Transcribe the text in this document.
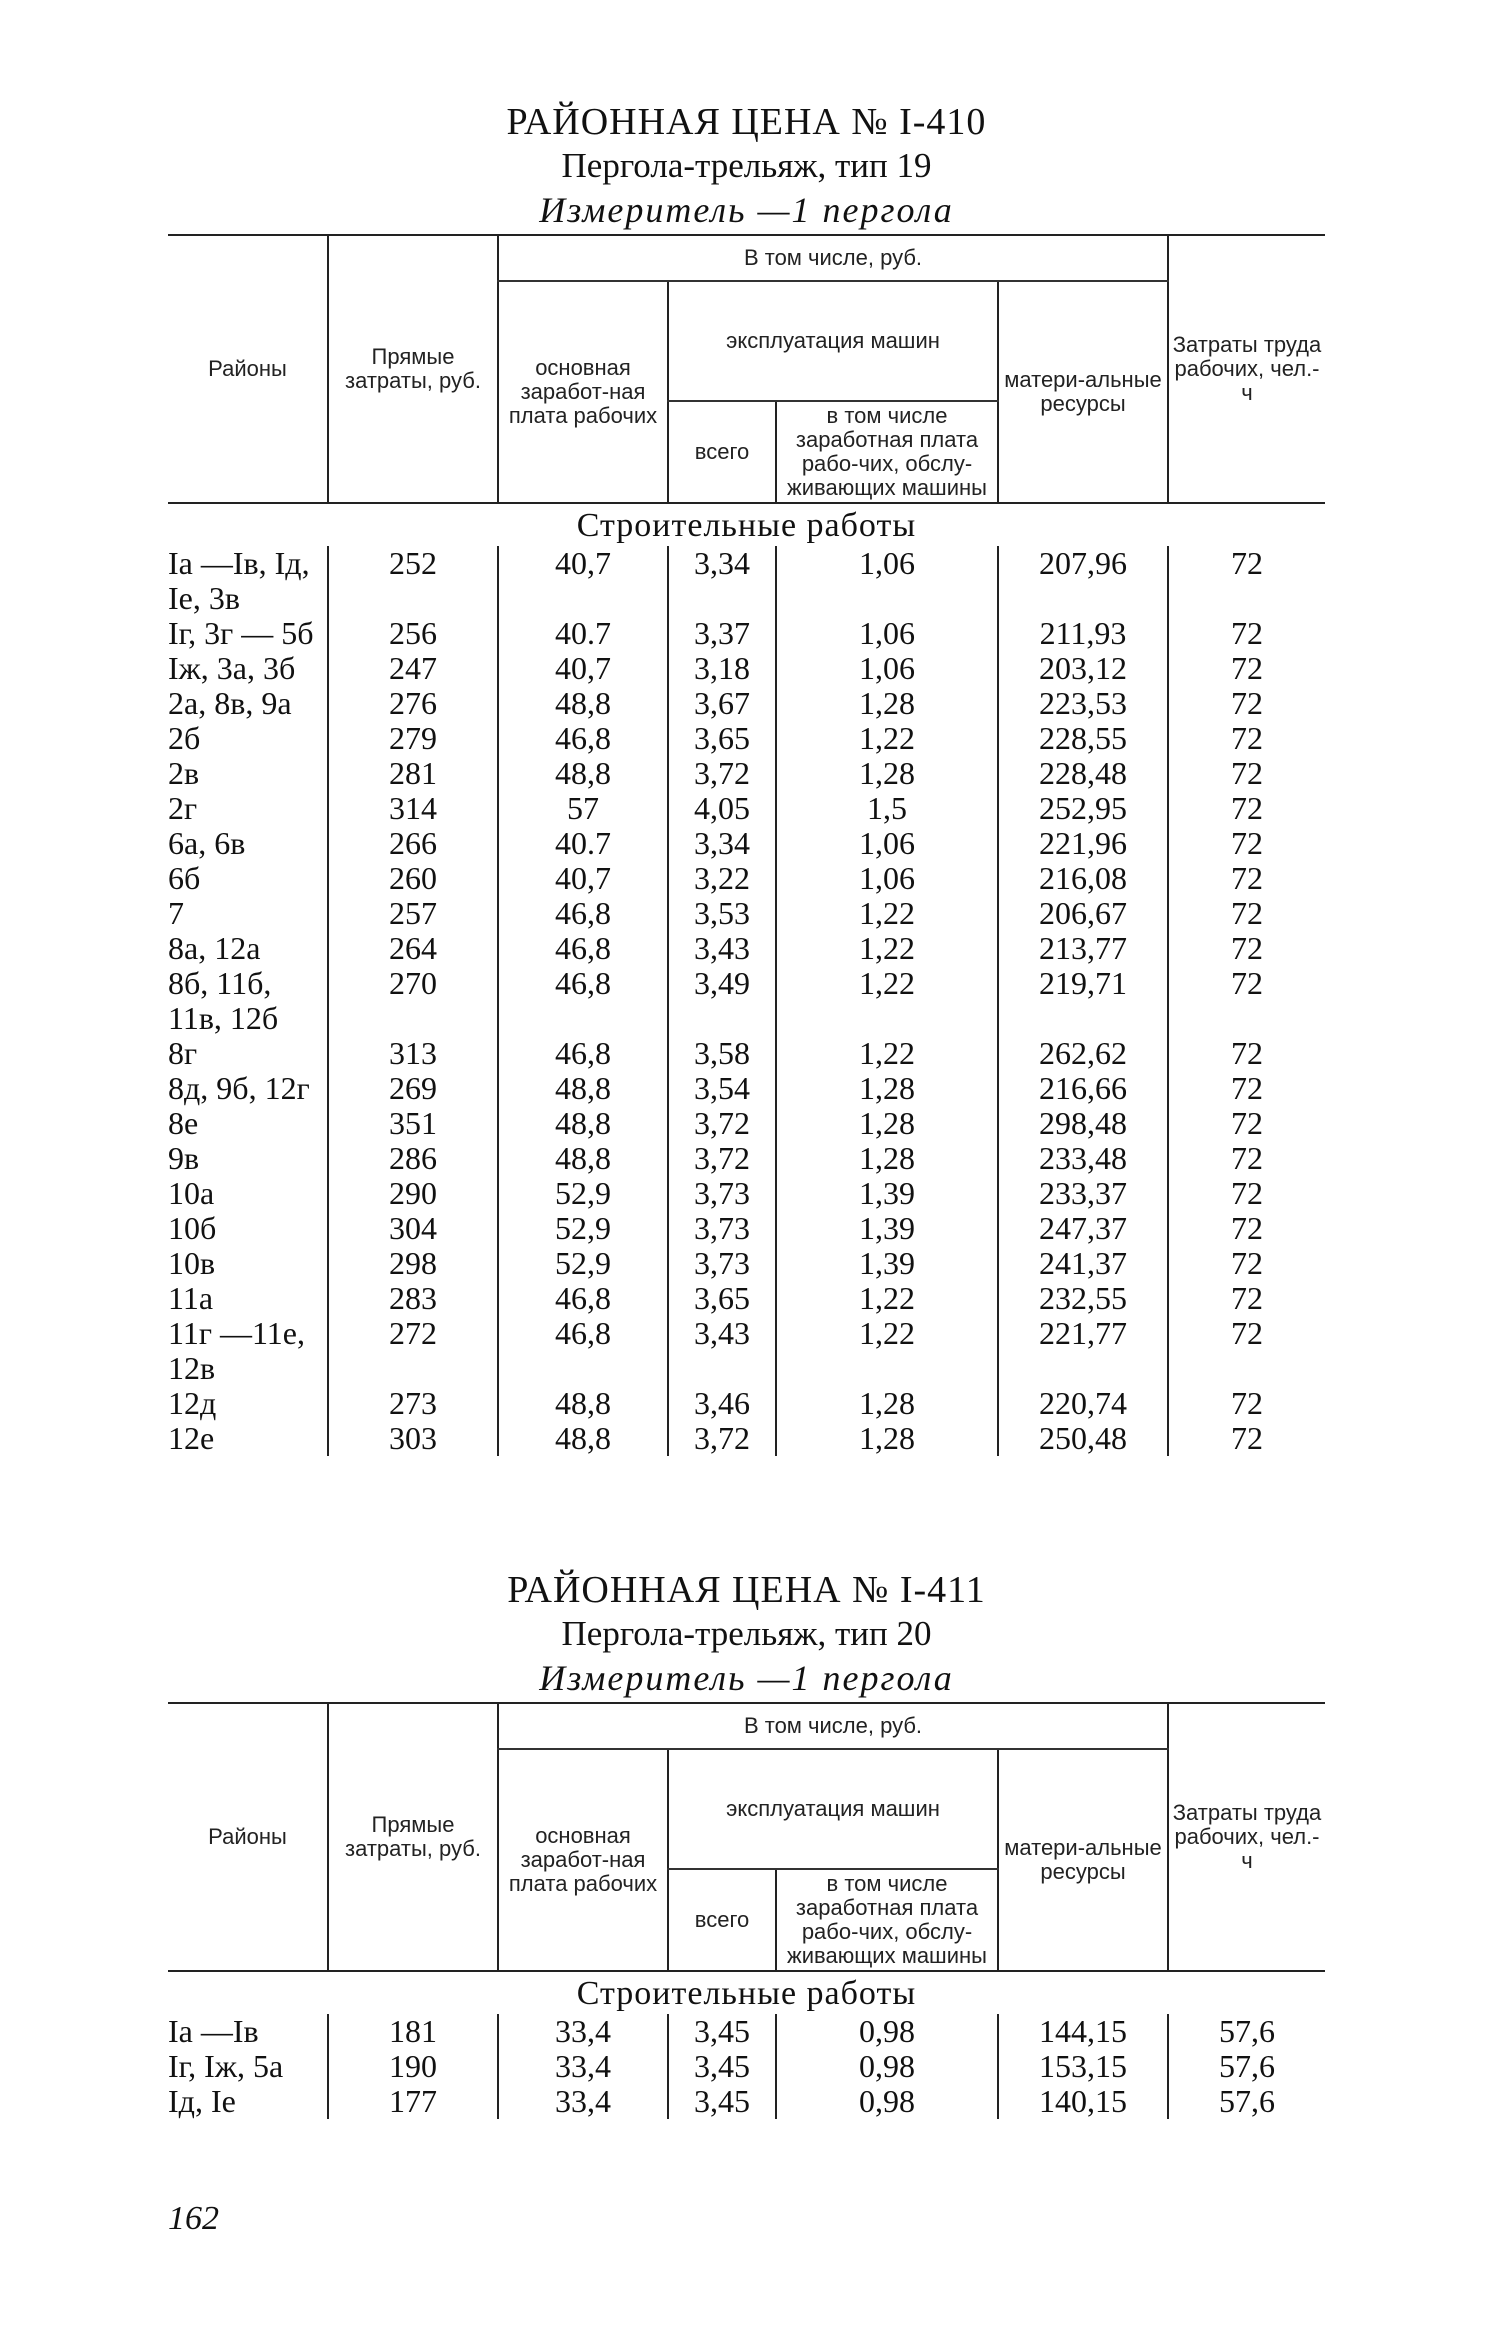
РАЙОННАЯ ЦЕНА № I-410
Пергола-трельяж, тип 19
Измеритель —1 пергола
Районы	Прямые затраты, руб.	В том числе, руб.				Затраты труда рабочих, чел.-ч
		основная заработ-ная плата рабочих	эксплуатация машин		матери-альные ресурсы	
			всего	в том числе заработная плата рабо-чих, обслу-живающих машины		
Строительные работы
Iа —Iв, Iд, Iе, 3в	252	40,7	3,34	1,06	207,96	72
Iг, 3г — 5б	256	40.7	3,37	1,06	211,93	72
Iж, 3а, 3б	247	40,7	3,18	1,06	203,12	72
2а, 8в, 9а	276	48,8	3,67	1,28	223,53	72
2б	279	46,8	3,65	1,22	228,55	72
2в	281	48,8	3,72	1,28	228,48	72
2г	314	57	4,05	1,5	252,95	72
6а, 6в	266	40.7	3,34	1,06	221,96	72
6б	260	40,7	3,22	1,06	216,08	72
7	257	46,8	3,53	1,22	206,67	72
8а, 12а	264	46,8	3,43	1,22	213,77	72
8б, 11б, 11в, 12б	270	46,8	3,49	1,22	219,71	72
8г	313	46,8	3,58	1,22	262,62	72
8д, 9б, 12г	269	48,8	3,54	1,28	216,66	72
8е	351	48,8	3,72	1,28	298,48	72
9в	286	48,8	3,72	1,28	233,48	72
10а	290	52,9	3,73	1,39	233,37	72
10б	304	52,9	3,73	1,39	247,37	72
10в	298	52,9	3,73	1,39	241,37	72
11а	283	46,8	3,65	1,22	232,55	72
11г —11е, 12в	272	46,8	3,43	1,22	221,77	72
12д	273	48,8	3,46	1,28	220,74	72
12е	303	48,8	3,72	1,28	250,48	72
РАЙОННАЯ ЦЕНА № I-411
Пергола-трельяж, тип 20
Измеритель —1 пергола
Районы	Прямые затраты, руб.	В том числе, руб.				Затраты труда рабочих, чел.-ч
		основная заработ-ная плата рабочих	эксплуатация машин		матери-альные ресурсы	
			всего	в том числе заработная плата рабо-чих, обслу-живающих машины		
Строительные работы
Iа —Iв	181	33,4	3,45	0,98	144,15	57,6
Iг, Iж, 5а	190	33,4	3,45	0,98	153,15	57,6
Iд, Iе	177	33,4	3,45	0,98	140,15	57,6
162
